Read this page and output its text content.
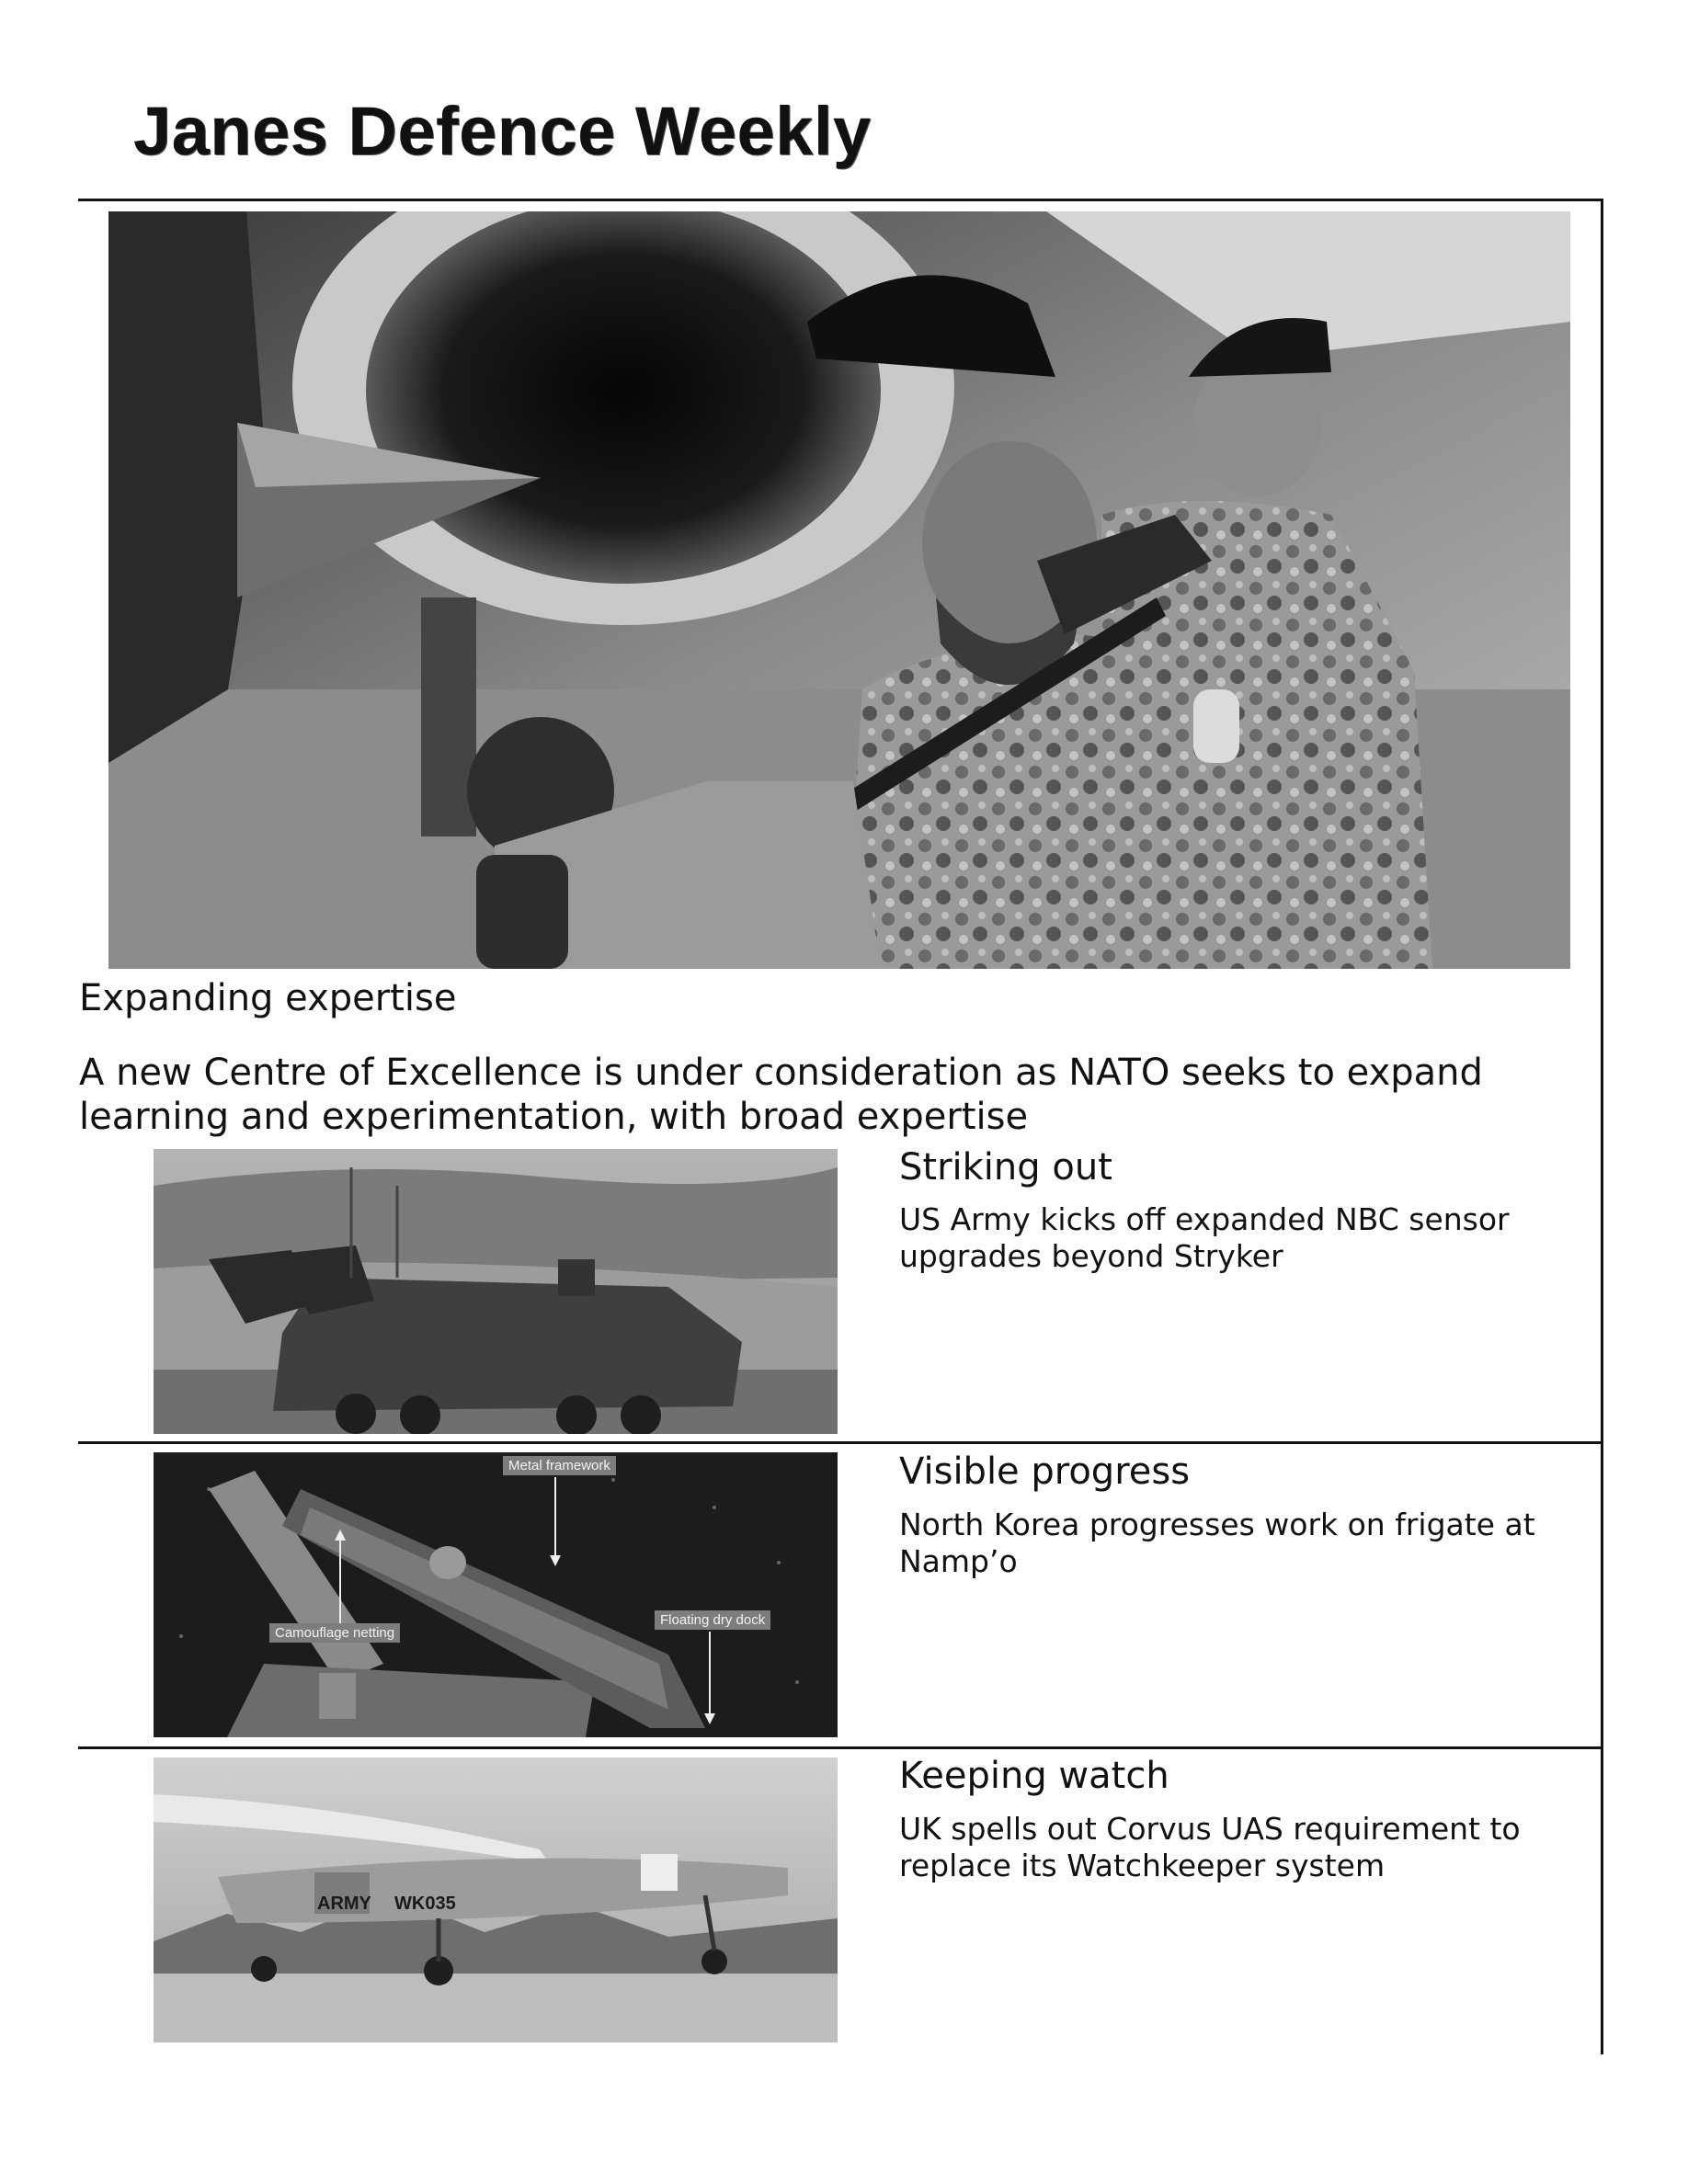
Janes Defence Weekly
Expanding expertise
A new Centre of Excellence is under consideration as NATO seeks to expand learning and experimentation, with broad expertise
Striking out
US Army kicks off expanded NBC sensor upgrades beyond Stryker
Metal framework
Camouflage netting
Floating dry dock
Visible progress
North Korea progresses work on frigate at Namp’o
ARMY WK035
Keeping watch
UK spells out Corvus UAS requirement to replace its Watchkeeper system
